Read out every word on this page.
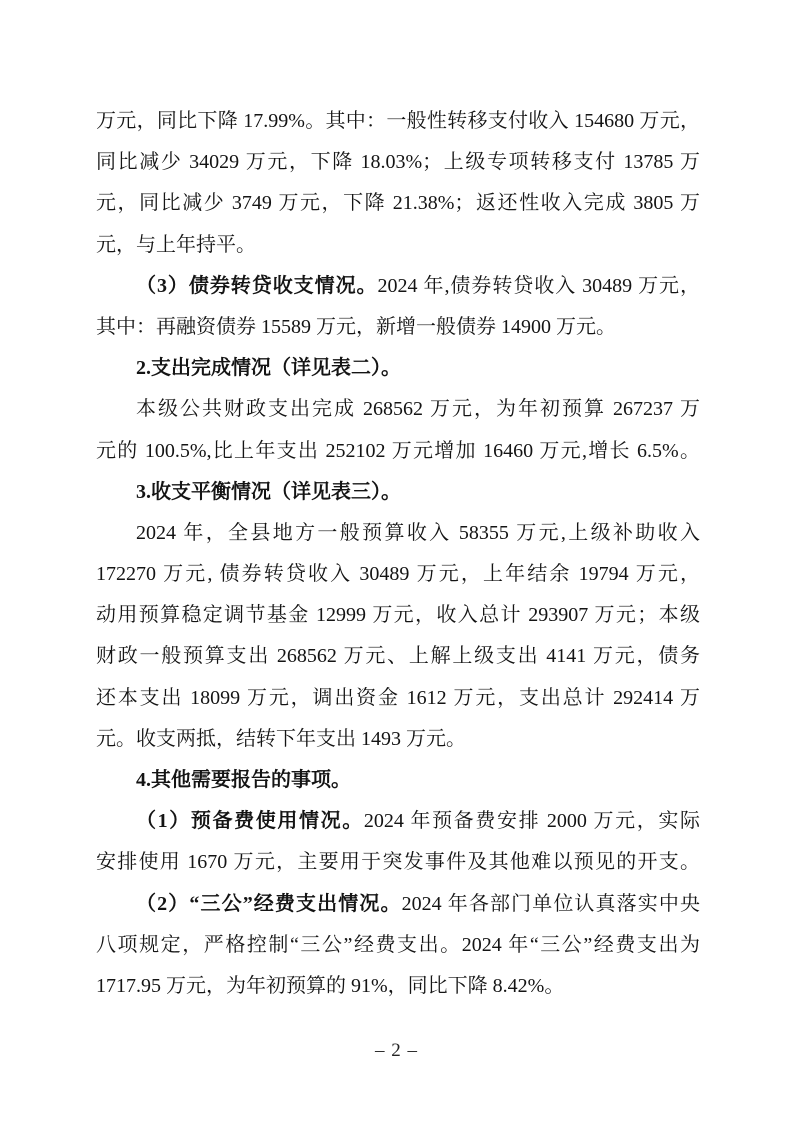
万元，同比下降 17.99%。其中：一般性转移支付收入 154680 万元，
同比减少 34029 万元，下降 18.03%；上级专项转移支付 13785 万
元，同比减少 3749 万元，下降 21.38%；返还性收入完成 3805 万
元，与上年持平。
（3）债券转贷收支情况。2024 年,债券转贷收入 30489 万元，
其中：再融资债券 15589 万元，新增一般债券 14900 万元。
2.支出完成情况（详见表二）。
本级公共财政支出完成 268562 万元，为年初预算 267237 万
元的 100.5%,比上年支出 252102 万元增加 16460 万元,增长 6.5%。
3.收支平衡情况（详见表三）。
2024 年，全县地方一般预算收入 58355 万元,上级补助收入
172270 万元, 债券转贷收入 30489 万元，上年结余 19794 万元，
动用预算稳定调节基金 12999 万元，收入总计 293907 万元；本级
财政一般预算支出 268562 万元、上解上级支出 4141 万元，债务
还本支出 18099 万元，调出资金 1612 万元，支出总计 292414 万
元。收支两抵，结转下年支出 1493 万元。
4.其他需要报告的事项。
（1）预备费使用情况。2024 年预备费安排 2000 万元，实际
安排使用 1670 万元，主要用于突发事件及其他难以预见的开支。
（2）“三公”经费支出情况。2024 年各部门单位认真落实中央
八项规定，严格控制“三公”经费支出。2024 年“三公”经费支出为
1717.95 万元，为年初预算的 91%，同比下降 8.42%。
– 2 –
